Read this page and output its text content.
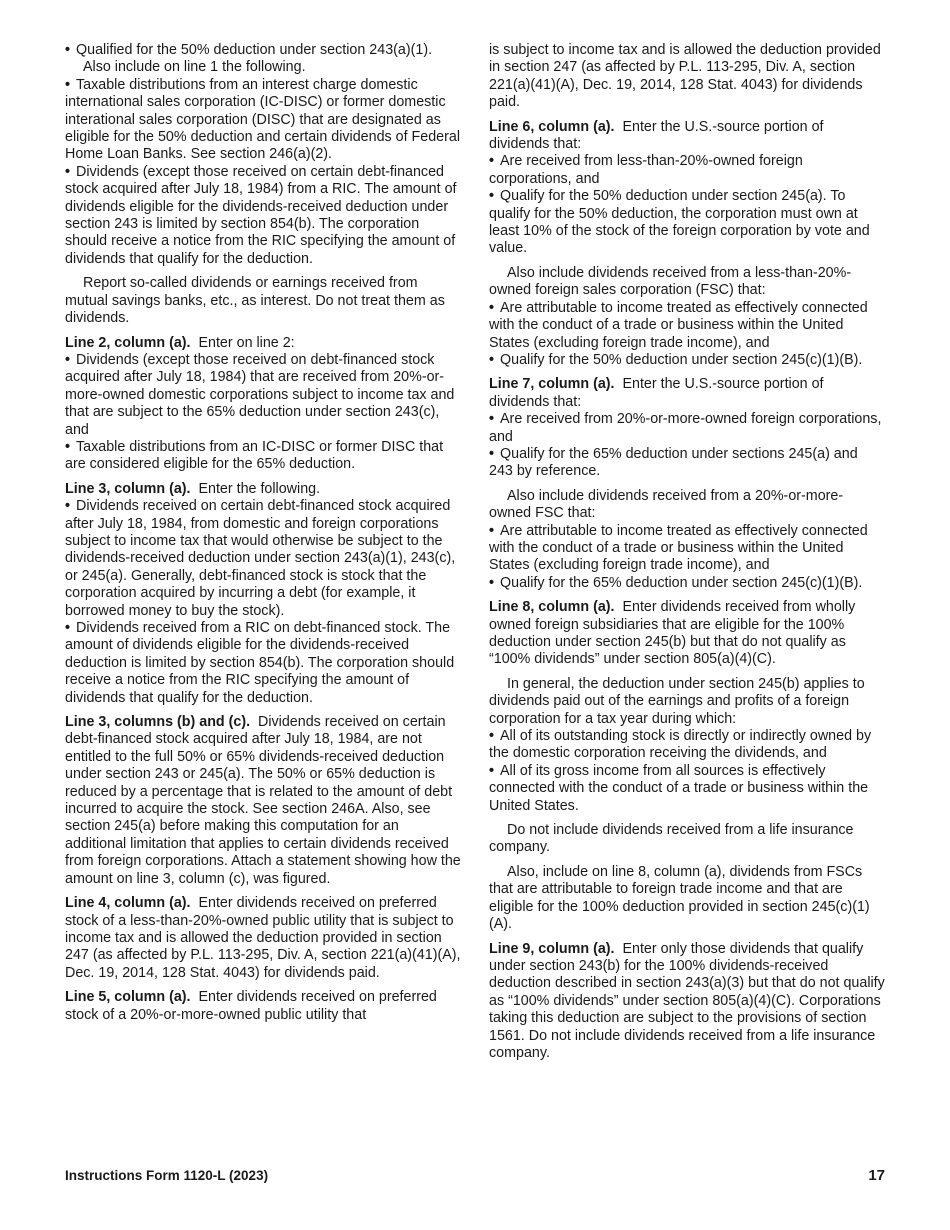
• Qualified for the 50% deduction under section 243(a)(1).

Also include on line 1 the following.

• Taxable distributions from an interest charge domestic international sales corporation (IC-DISC) or former domestic interational sales corporation (DISC) that are designated as eligible for the 50% deduction and certain dividends of Federal Home Loan Banks. See section 246(a)(2).

• Dividends (except those received on certain debt-financed stock acquired after July 18, 1984) from a RIC. The amount of dividends eligible for the dividends-received deduction under section 243 is limited by section 854(b). The corporation should receive a notice from the RIC specifying the amount of dividends that qualify for the deduction.

Report so-called dividends or earnings received from mutual savings banks, etc., as interest. Do not treat them as dividends.

Line 2, column (a). Enter on line 2:

• Dividends (except those received on debt-financed stock acquired after July 18, 1984) that are received from 20%-or-more-owned domestic corporations subject to income tax and that are subject to the 65% deduction under section 243(c), and

• Taxable distributions from an IC-DISC or former DISC that are considered eligible for the 65% deduction.

Line 3, column (a). Enter the following.

• Dividends received on certain debt-financed stock acquired after July 18, 1984, from domestic and foreign corporations subject to income tax that would otherwise be subject to the dividends-received deduction under section 243(a)(1), 243(c), or 245(a). Generally, debt-financed stock is stock that the corporation acquired by incurring a debt (for example, it borrowed money to buy the stock).

• Dividends received from a RIC on debt-financed stock. The amount of dividends eligible for the dividends-received deduction is limited by section 854(b). The corporation should receive a notice from the RIC specifying the amount of dividends that qualify for the deduction.

Line 3, columns (b) and (c). Dividends received on certain debt-financed stock acquired after July 18, 1984, are not entitled to the full 50% or 65% dividends-received deduction under section 243 or 245(a). The 50% or 65% deduction is reduced by a percentage that is related to the amount of debt incurred to acquire the stock. See section 246A. Also, see section 245(a) before making this computation for an additional limitation that applies to certain dividends received from foreign corporations. Attach a statement showing how the amount on line 3, column (c), was figured.

Line 4, column (a). Enter dividends received on preferred stock of a less-than-20%-owned public utility that is subject to income tax and is allowed the deduction provided in section 247 (as affected by P.L. 113-295, Div. A, section 221(a)(41)(A), Dec. 19, 2014, 128 Stat. 4043) for dividends paid.

Line 5, column (a). Enter dividends received on preferred stock of a 20%-or-more-owned public utility that

is subject to income tax and is allowed the deduction provided in section 247 (as affected by P.L. 113-295, Div. A, section 221(a)(41)(A), Dec. 19, 2014, 128 Stat. 4043) for dividends paid.

Line 6, column (a). Enter the U.S.-source portion of dividends that:

• Are received from less-than-20%-owned foreign corporations, and

• Qualify for the 50% deduction under section 245(a). To qualify for the 50% deduction, the corporation must own at least 10% of the stock of the foreign corporation by vote and value.

Also include dividends received from a less-than-20%-owned foreign sales corporation (FSC) that:

• Are attributable to income treated as effectively connected with the conduct of a trade or business within the United States (excluding foreign trade income), and

• Qualify for the 50% deduction under section 245(c)(1)(B).

Line 7, column (a). Enter the U.S.-source portion of dividends that:

• Are received from 20%-or-more-owned foreign corporations, and

• Qualify for the 65% deduction under sections 245(a) and 243 by reference.

Also include dividends received from a 20%-or-more-owned FSC that:

• Are attributable to income treated as effectively connected with the conduct of a trade or business within the United States (excluding foreign trade income), and

• Qualify for the 65% deduction under section 245(c)(1)(B).

Line 8, column (a). Enter dividends received from wholly owned foreign subsidiaries that are eligible for the 100% deduction under section 245(b) but that do not qualify as “100% dividends” under section 805(a)(4)(C).

In general, the deduction under section 245(b) applies to dividends paid out of the earnings and profits of a foreign corporation for a tax year during which:

• All of its outstanding stock is directly or indirectly owned by the domestic corporation receiving the dividends, and

• All of its gross income from all sources is effectively connected with the conduct of a trade or business within the United States.

Do not include dividends received from a life insurance company.

Also, include on line 8, column (a), dividends from FSCs that are attributable to foreign trade income and that are eligible for the 100% deduction provided in section 245(c)(1)(A).

Line 9, column (a). Enter only those dividends that qualify under section 243(b) for the 100% dividends-received deduction described in section 243(a)(3) but that do not qualify as “100% dividends” under section 805(a)(4)(C). Corporations taking this deduction are subject to the provisions of section 1561. Do not include dividends received from a life insurance company.

Instructions Form 1120-L (2023)	17
